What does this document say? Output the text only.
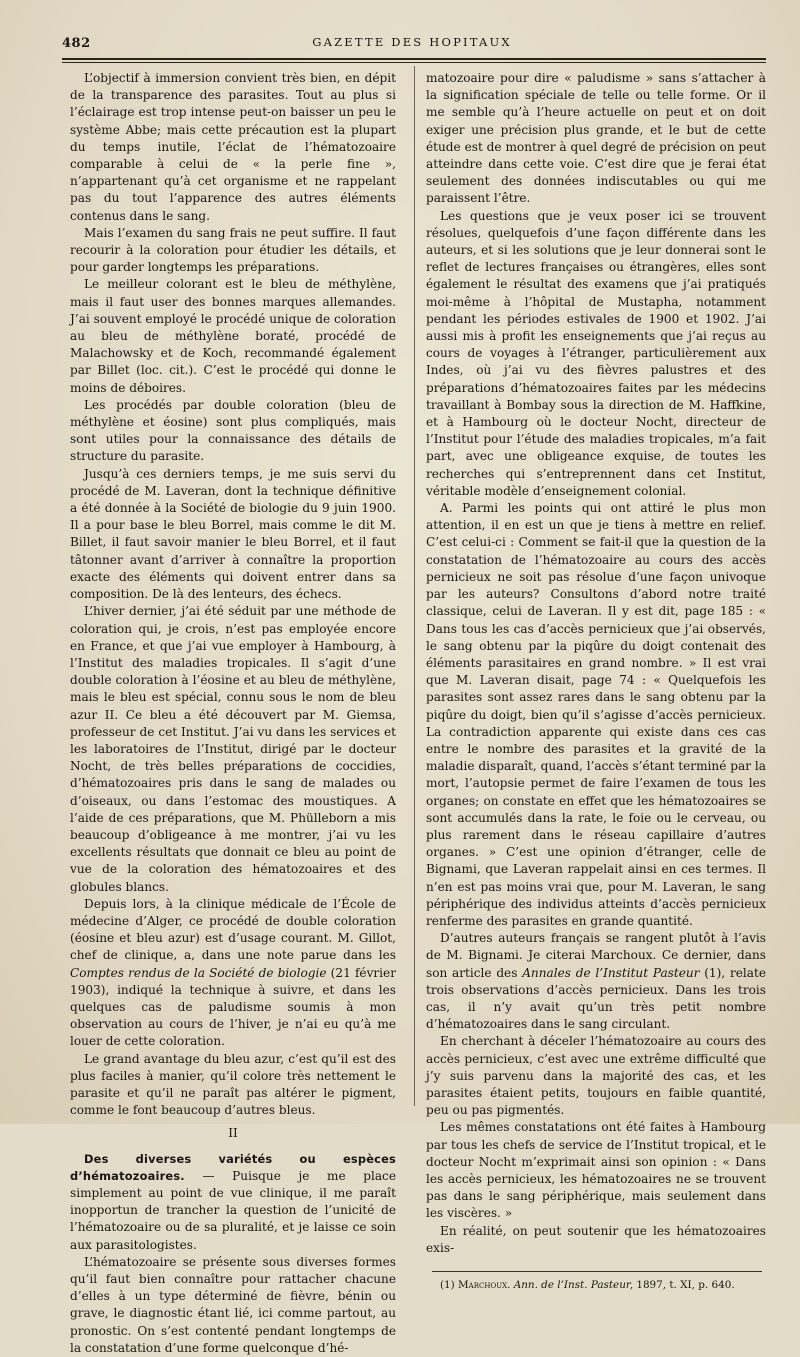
482	GAZETTE DES HOPITAUX

L’objectif à immersion convient très bien, en dépit de la transparence des parasites. Tout au plus si l’éclairage est trop intense peut-on baisser un peu le système Abbe; mais cette précaution est la plupart du temps inutile, l’éclat de l’hématozoaire comparable à celui de « la perle fine », n’appartenant qu’à cet organisme et ne rappelant pas du tout l’apparence des autres éléments contenus dans le sang.

Mais l’examen du sang frais ne peut suffire. Il faut recourir à la coloration pour étudier les détails, et pour garder longtemps les préparations.

Le meilleur colorant est le bleu de méthylène, mais il faut user des bonnes marques allemandes. J’ai souvent employé le procédé unique de coloration au bleu de méthylène boraté, procédé de Malachowsky et de Koch, recommandé également par Billet (loc. cit.). C’est le procédé qui donne le moins de déboires.

Les procédés par double coloration (bleu de méthylène et éosine) sont plus compliqués, mais sont utiles pour la connaissance des détails de structure du parasite.

Jusqu’à ces derniers temps, je me suis servi du procédé de M. Laveran, dont la technique définitive a été donnée à la Société de biologie du 9 juin 1900. Il a pour base le bleu Borrel, mais comme le dit M. Billet, il faut savoir manier le bleu Borrel, et il faut tâtonner avant d’arriver à connaître la proportion exacte des éléments qui doivent entrer dans sa composition. De là des lenteurs, des échecs.

L’hiver dernier, j’ai été séduit par une méthode de coloration qui, je crois, n’est pas employée encore en France, et que j’ai vue employer à Hambourg, à l’Institut des maladies tropicales. Il s’agit d’une double coloration à l’éosine et au bleu de méthylène, mais le bleu est spécial, connu sous le nom de bleu azur II. Ce bleu a été découvert par M. Giemsa, professeur de cet Institut. J’ai vu dans les services et les laboratoires de l’Institut, dirigé par le docteur Nocht, de très belles préparations de coccidies, d’hématozoaires pris dans le sang de malades ou d’oiseaux, ou dans l’estomac des moustiques. A l’aide de ces préparations, que M. Phülleborn a mis beaucoup d’obligeance à me montrer, j’ai vu les excellents résultats que donnait ce bleu au point de vue de la coloration des hématozoaires et des globules blancs.

Depuis lors, à la clinique médicale de l’École de médecine d’Alger, ce procédé de double coloration (éosine et bleu azur) est d’usage courant. M. Gillot, chef de clinique, a, dans une note parue dans les Comptes rendus de la Société de biologie (21 février 1903), indiqué la technique à suivre, et dans les quelques cas de paludisme soumis à mon observation au cours de l’hiver, je n’ai eu qu’à me louer de cette coloration.

Le grand avantage du bleu azur, c’est qu’il est des plus faciles à manier, qu’il colore très nettement le parasite et qu’il ne paraît pas altérer le pigment, comme le font beaucoup d’autres bleus.

II

Des diverses variétés ou espèces d’hématozoaires. — Puisque je me place simplement au point de vue clinique, il me paraît inopportun de trancher la question de l’unicité de l’hématozoaire ou de sa pluralité, et je laisse ce soin aux parasitologistes.

L’hématozoaire se présente sous diverses formes qu’il faut bien connaître pour rattacher chacune d’elles à un type déterminé de fièvre, bénin ou grave, le diagnostic étant lié, ici comme partout, au pronostic. On s’est contenté pendant longtemps de la constatation d’une forme quelconque d’hé-

matozoaire pour dire « paludisme » sans s’attacher à la signification spéciale de telle ou telle forme. Or il me semble qu’à l’heure actuelle on peut et on doit exiger une précision plus grande, et le but de cette étude est de montrer à quel degré de précision on peut atteindre dans cette voie. C’est dire que je ferai état seulement des données indiscutables ou qui me paraissent l’être.

Les questions que je veux poser ici se trouvent résolues, quelquefois d’une façon différente dans les auteurs, et si les solutions que je leur donnerai sont le reflet de lectures françaises ou étrangères, elles sont également le résultat des examens que j’ai pratiqués moi-même à l’hôpital de Mustapha, notamment pendant les périodes estivales de 1900 et 1902. J’ai aussi mis à profit les enseignements que j’ai reçus au cours de voyages à l’étranger, particulièrement aux Indes, où j’ai vu des fièvres palustres et des préparations d’hématozoaires faites par les médecins travaillant à Bombay sous la direction de M. Haffkine, et à Hambourg où le docteur Nocht, directeur de l’Institut pour l’étude des maladies tropicales, m’a fait part, avec une obligeance exquise, de toutes les recherches qui s’entreprennent dans cet Institut, véritable modèle d’enseignement colonial.

A. Parmi les points qui ont attiré le plus mon attention, il en est un que je tiens à mettre en relief. C’est celui-ci : Comment se fait-il que la question de la constatation de l’hématozoaire au cours des accès pernicieux ne soit pas résolue d’une façon univoque par les auteurs? Consultons d’abord notre traité classique, celui de Laveran. Il y est dit, page 185 : « Dans tous les cas d’accès pernicieux que j’ai observés, le sang obtenu par la piqûre du doigt contenait des éléments parasitaires en grand nombre. » Il est vrai que M. Laveran disait, page 74 : « Quelquefois les parasites sont assez rares dans le sang obtenu par la piqûre du doigt, bien qu’il s’agisse d’accès pernicieux. La contradiction apparente qui existe dans ces cas entre le nombre des parasites et la gravité de la maladie disparaît, quand, l’accès s’étant terminé par la mort, l’autopsie permet de faire l’examen de tous les organes; on constate en effet que les hématozoaires se sont accumulés dans la rate, le foie ou le cerveau, ou plus rarement dans le réseau capillaire d’autres organes. » C’est une opinion d’étranger, celle de Bignami, que Laveran rappelait ainsi en ces termes. Il n’en est pas moins vrai que, pour M. Laveran, le sang périphérique des individus atteints d’accès pernicieux renferme des parasites en grande quantité.

D’autres auteurs français se rangent plutôt à l’avis de M. Bignami. Je citerai Marchoux. Ce dernier, dans son article des Annales de l’Institut Pasteur (1), relate trois observations d’accès pernicieux. Dans les trois cas, il n’y avait qu’un très petit nombre d’hématozoaires dans le sang circulant.

En cherchant à déceler l’hématozoaire au cours des accès pernicieux, c’est avec une extrême difficulté que j’y suis parvenu dans la majorité des cas, et les parasites étaient petits, toujours en faible quantité, peu ou pas pigmentés.

Les mêmes constatations ont été faites à Hambourg par tous les chefs de service de l’Institut tropical, et le docteur Nocht m’exprimait ainsi son opinion : « Dans les accès pernicieux, les hématozoaires ne se trouvent pas dans le sang périphérique, mais seulement dans les viscères. »

En réalité, on peut soutenir que les hématozoaires exis-

(1) Marchoux. Ann. de l’Inst. Pasteur, 1897, t. XI, p. 640.
